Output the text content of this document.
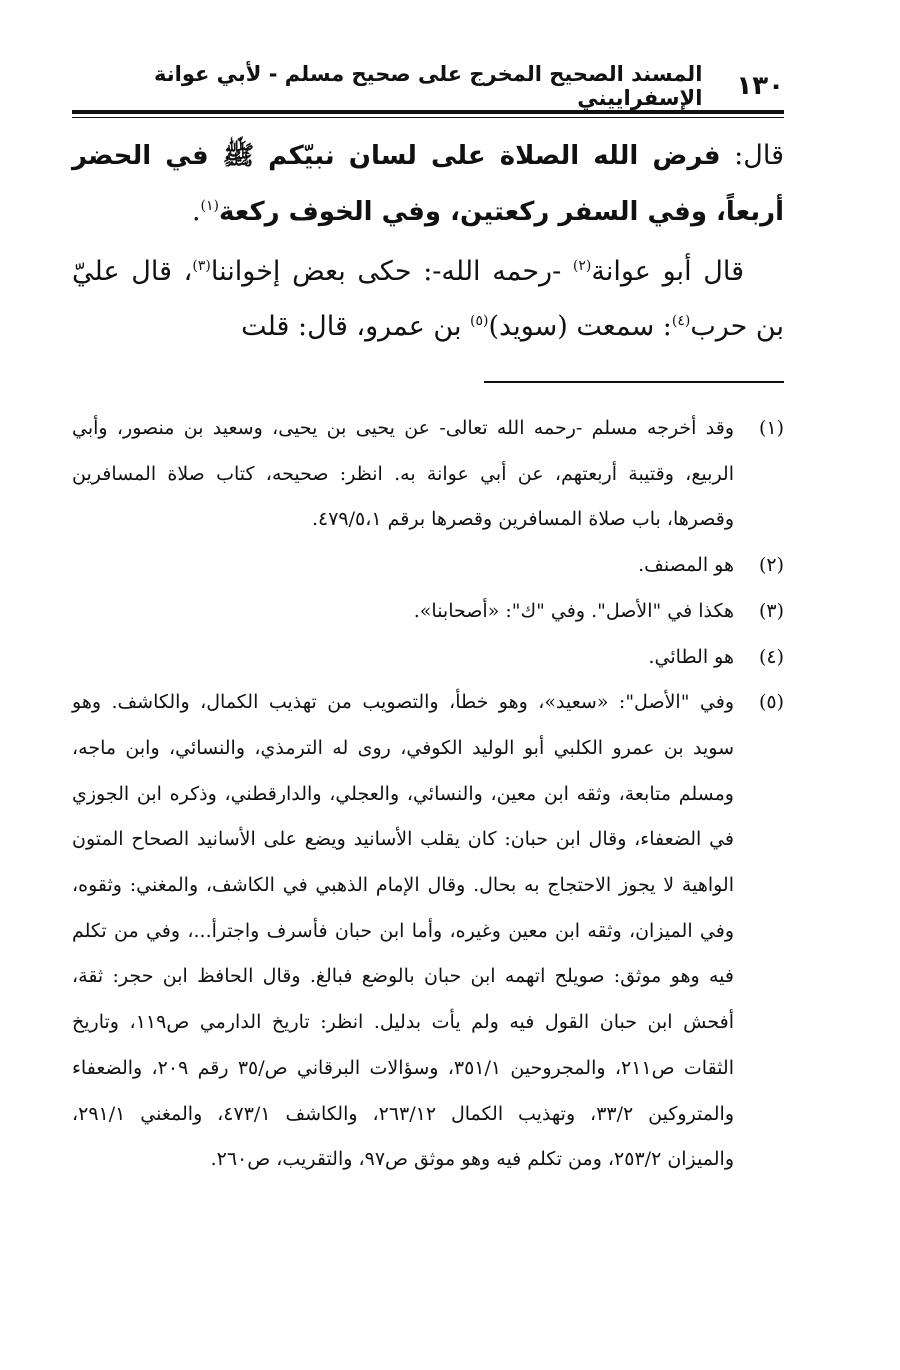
١٣٠
المسند الصحيح المخرج على صحيح مسلم - لأبي عوانة الإسفراييني

قال: فرض الله الصلاة على لسان نبيّكم ﷺ في الحضر أربعاً، وفي السفر ركعتين، وفي الخوف ركعة$^{(١)}$.

قال أبو عوانة$^{(٢)}$ -رحمه الله-: حكى بعض إخواننا$^{(٣)}$، قال عليّ بن حرب$^{(٤)}$: سمعت (سويد)$^{(٥)}$ بن عمرو، قال: قلت

(١)
وقد أخرجه مسلم -رحمه الله تعالى- عن يحيى بن يحيى، وسعيد بن منصور، وأبي الربيع، وقتيبة أربعتهم، عن أبي عوانة به. انظر: صحيحه، كتاب صلاة المسافرين وقصرها، باب صلاة المسافرين وقصرها برقم ٤٧٩/٥،١.
(٢)
هو المصنف.
(٣)
هكذا في "الأصل". وفي "ك": «أصحابنا».
(٤)
هو الطائي.
(٥)
وفي "الأصل": «سعيد»، وهو خطأ، والتصويب من تهذيب الكمال، والكاشف. وهو سويد بن عمرو الكلبي أبو الوليد الكوفي، روى له الترمذي، والنسائي، وابن ماجه، ومسلم متابعة، وثقه ابن معين، والنسائي، والعجلي، والدارقطني، وذكره ابن الجوزي في الضعفاء، وقال ابن حبان: كان يقلب الأسانيد ويضع على الأسانيد الصحاح المتون الواهية لا يجوز الاحتجاج به بحال. وقال الإمام الذهبي في الكاشف، والمغني: وثقوه، وفي الميزان، وثقه ابن معين وغيره، وأما ابن حبان فأسرف واجترأ...، وفي من تكلم فيه وهو موثق: صويلح اتهمه ابن حبان بالوضع فبالغ. وقال الحافظ ابن حجر: ثقة، أفحش ابن حبان القول فيه ولم يأت بدليل. انظر: تاريخ الدارمي ص١١٩، وتاريخ الثقات ص٢١١، والمجروحين ٣٥١/١، وسؤالات البرقاني ص/٣٥ رقم ٢٠٩، والضعفاء والمتروكين ٣٣/٢، وتهذيب الكمال ٢٦٣/١٢، والكاشف ٤٧٣/١، والمغني ٢٩١/١، والميزان ٢٥٣/٢، ومن تكلم فيه وهو موثق ص٩٧، والتقريب، ص٢٦٠.
